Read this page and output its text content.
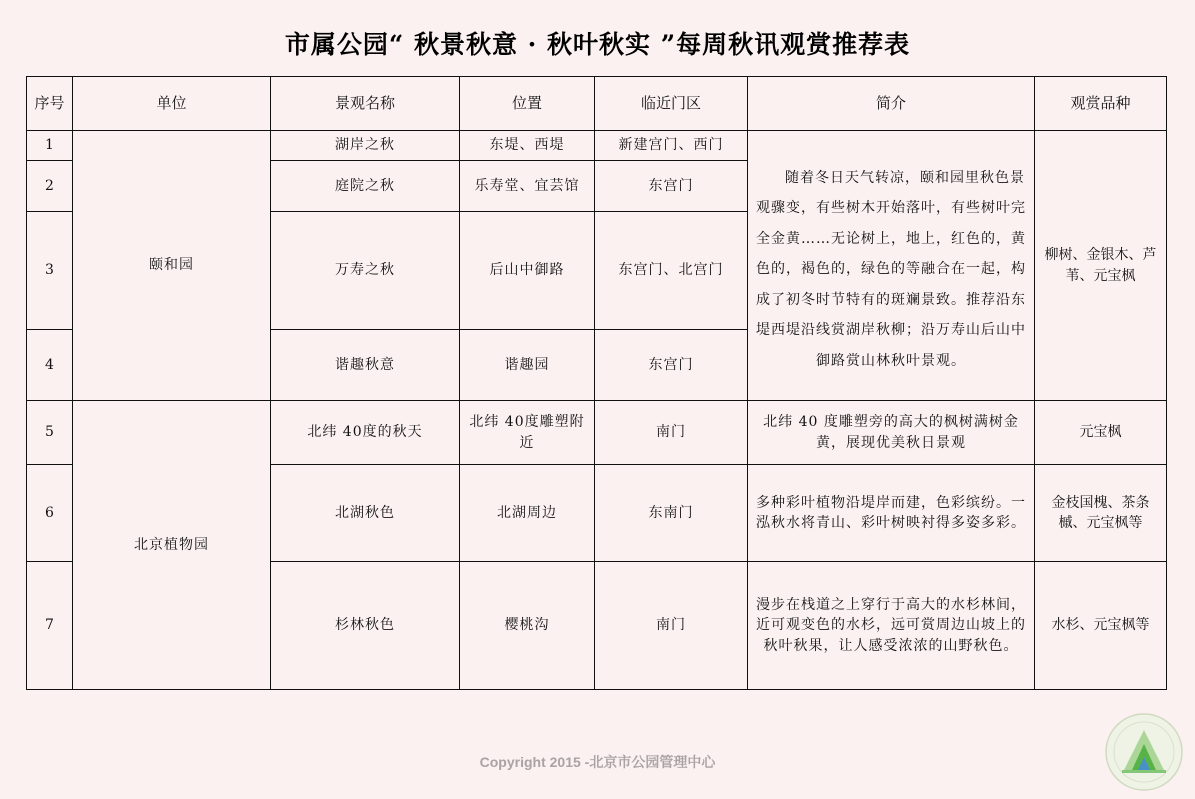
市属公园“ 秋景秋意 · 秋叶秋实 ”每周秋讯观赏推荐表
序号	单位	景观名称	位置	临近门区	简介	观赏品种
1	颐和园	湖岸之秋	东堤、西堤	新建宫门、西门	随着冬日天气转凉，颐和园里秋色景观骤变，有些树木开始落叶，有些树叶完全金黄……无论树上，地上，红色的，黄色的，褐色的，绿色的等融合在一起，构成了初冬时节特有的斑斓景致。推荐沿东堤西堤沿线赏湖岸秋柳；沿万寿山后山中御路赏山林秋叶景观。	柳树、金银木、芦苇、元宝枫
2		庭院之秋	乐寿堂、宜芸馆	东宫门		
3		万寿之秋	后山中御路	东宫门、北宫门		
4		谐趣秋意	谐趣园	东宫门		
5	北京植物园	北纬 40度的秋天	北纬 40度雕塑附近	南门	北纬 40 度雕塑旁的高大的枫树满树金黄，展现优美秋日景观	元宝枫
6		北湖秋色	北湖周边	东南门	多种彩叶植物沿堤岸而建，色彩缤纷。一泓秋水将青山、彩叶树映衬得多姿多彩。	金枝国槐、茶条槭、元宝枫等
7		杉林秋色	樱桃沟	南门	漫步在栈道之上穿行于高大的水杉林间，近可观变色的水杉，远可赏周边山坡上的秋叶秋果，让人感受浓浓的山野秋色。	水杉、元宝枫等
Copyright 2015 -北京市公园管理中心
